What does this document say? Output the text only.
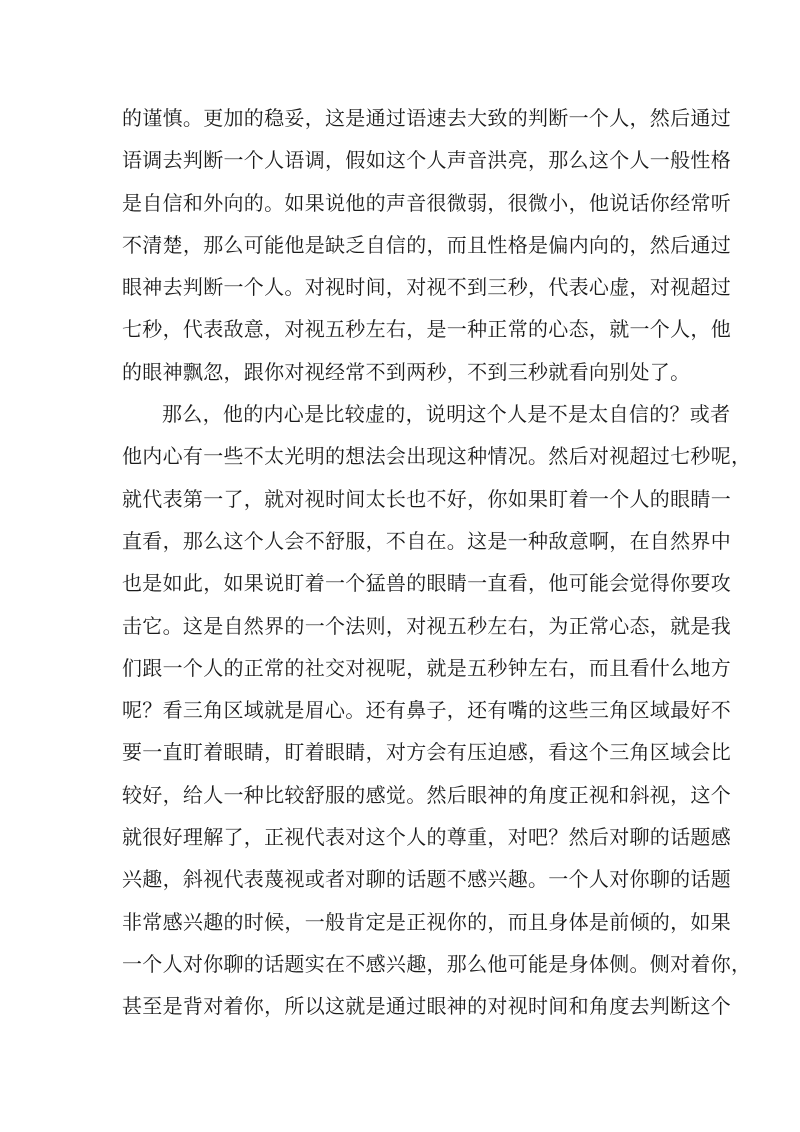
的谨慎。更加的稳妥，这是通过语速去大致的判断一个人，然后通过
语调去判断一个人语调，假如这个人声音洪亮，那么这个人一般性格
是自信和外向的。如果说他的声音很微弱，很微小，他说话你经常听
不清楚，那么可能他是缺乏自信的，而且性格是偏内向的，然后通过
眼神去判断一个人。对视时间，对视不到三秒，代表心虚，对视超过
七秒，代表敌意，对视五秒左右，是一种正常的心态，就一个人，他
的眼神飘忽，跟你对视经常不到两秒，不到三秒就看向别处了。
那么，他的内心是比较虚的，说明这个人是不是太自信的？或者
他内心有一些不太光明的想法会出现这种情况。然后对视超过七秒呢，
就代表第一了，就对视时间太长也不好，你如果盯着一个人的眼睛一
直看，那么这个人会不舒服，不自在。这是一种敌意啊，在自然界中
也是如此，如果说盯着一个猛兽的眼睛一直看，他可能会觉得你要攻
击它。这是自然界的一个法则，对视五秒左右，为正常心态，就是我
们跟一个人的正常的社交对视呢，就是五秒钟左右，而且看什么地方
呢？看三角区域就是眉心。还有鼻子，还有嘴的这些三角区域最好不
要一直盯着眼睛，盯着眼睛，对方会有压迫感，看这个三角区域会比
较好，给人一种比较舒服的感觉。然后眼神的角度正视和斜视，这个
就很好理解了，正视代表对这个人的尊重，对吧？然后对聊的话题感
兴趣，斜视代表蔑视或者对聊的话题不感兴趣。一个人对你聊的话题
非常感兴趣的时候，一般肯定是正视你的，而且身体是前倾的，如果
一个人对你聊的话题实在不感兴趣，那么他可能是身体侧。侧对着你，
甚至是背对着你，所以这就是通过眼神的对视时间和角度去判断这个
